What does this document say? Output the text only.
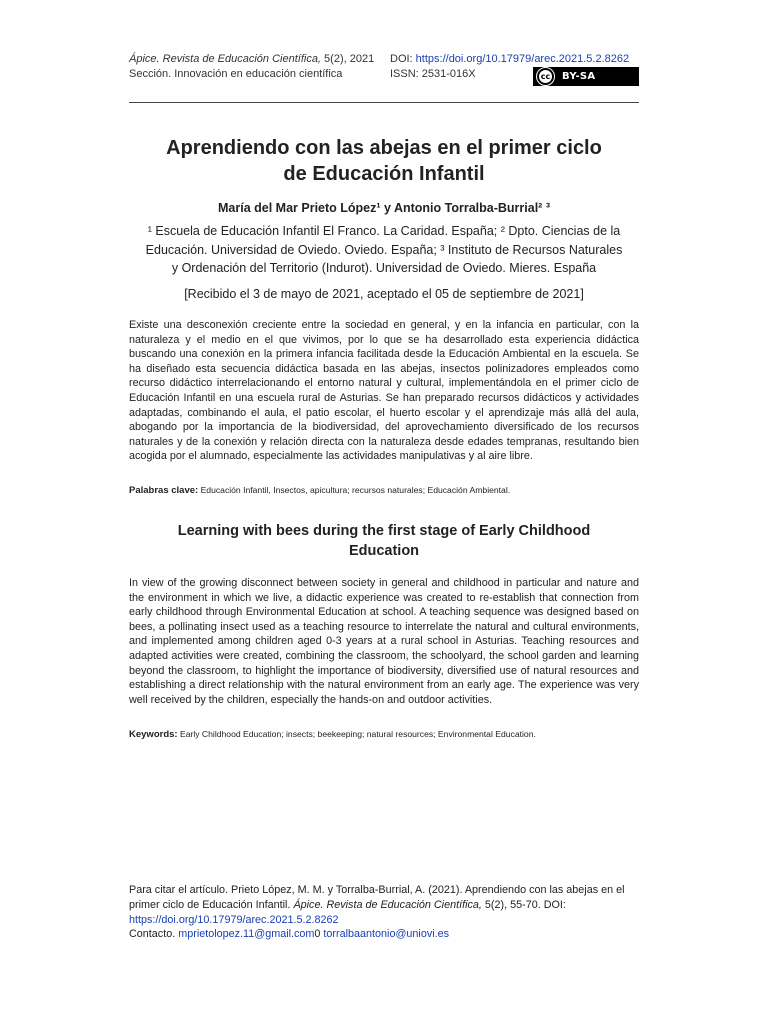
Ápice. Revista de Educación Científica, 5(2), 2021
Sección. Innovación en educación científica
DOI: https://doi.org/10.17979/arec.2021.5.2.8262
ISSN: 2531-016X	cc	BY-SA
Aprendiendo con las abejas en el primer ciclo
de Educación Infantil
María del Mar Prieto López¹ y Antonio Torralba-Burrial² ³
¹ Escuela de Educación Infantil El Franco. La Caridad. España; ² Dpto. Ciencias de la
Educación. Universidad de Oviedo. Oviedo. España; ³ Instituto de Recursos Naturales
y Ordenación del Territorio (Indurot). Universidad de Oviedo. Mieres. España
[Recibido el 3 de mayo de 2021, aceptado el 05 de septiembre de 2021]
Existe una desconexión creciente entre la sociedad en general, y en la infancia en particular, con la naturaleza y el medio en el que vivimos, por lo que se ha desarrollado esta experiencia didáctica buscando una conexión en la primera infancia facilitada desde la Educación Ambiental en la escuela. Se ha diseñado esta secuencia didáctica basada en las abejas, insectos polinizadores empleados como recurso didáctico interrelacionando el entorno natural y cultural, implementándola en el primer ciclo de Educación Infantil en una escuela rural de Asturias. Se han preparado recursos didácticos y actividades adaptadas, combinando el aula, el patio escolar, el huerto escolar y el aprendizaje más allá del aula, abogando por la importancia de la biodiversidad, del aprovechamiento diversificado de los recursos naturales y de la conexión y relación directa con la naturaleza desde edades tempranas, resultando bien acogida por el alumnado, especialmente las actividades manipulativas y al aire libre.
Palabras clave: Educación Infantil, Insectos, apicultura; recursos naturales; Educación Ambiental.
Learning with bees during the first stage of Early Childhood
Education
In view of the growing disconnect between society in general and childhood in particular and nature and the environment in which we live, a didactic experience was created to re-establish that connection from early childhood through Environmental Education at school. A teaching sequence was designed based on bees, a pollinating insect used as a teaching resource to interrelate the natural and cultural environments, and implemented among children aged 0-3 years at a rural school in Asturias. Teaching resources and adapted activities were created, combining the classroom, the schoolyard, the school garden and learning beyond the classroom, to highlight the importance of biodiversity, diversified use of natural resources and establishing a direct relationship with the natural environment from an early age. The experience was very well received by the children, especially the hands-on and outdoor activities.
Keywords: Early Childhood Education; insects; beekeeping; natural resources; Environmental Education.
Para citar el artículo. Prieto López, M. M. y Torralba-Burrial, A. (2021). Aprendiendo con las abejas en el primer ciclo de Educación Infantil. Ápice. Revista de Educación Científica, 5(2), 55-70. DOI: https://doi.org/10.17979/arec.2021.5.2.8262
Contacto. mprietolopez.11@gmail.com0 torralbaantonio@uniovi.es
